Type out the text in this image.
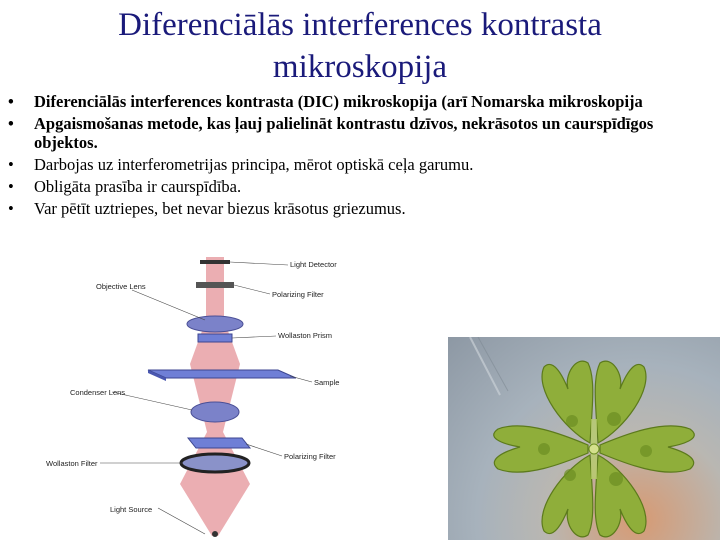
Diferenciālās interferences kontrasta
mikroskopija
• Diferenciālās interferences kontrasta (DIC) mikroskopija (arī Nomarska mikroskopija
• Apgaismošanas metode, kas ļauj palielināt kontrastu dzīvos, nekrāsotos un caurspīdīgos objektos.
• Darbojas uz interferometrijas principa, mērot optiskā ceļa garumu.
• Obligāta prasība ir caurspīdība.
• Var pētīt uztriepes, bet nevar biezus krāsotus griezumus.
Light Detector
Objective Lens
Polarizing Filter
Wollaston Prism
Sample
Condenser Lens
Polarizing Filter
Wollaston Filter
Light Source
